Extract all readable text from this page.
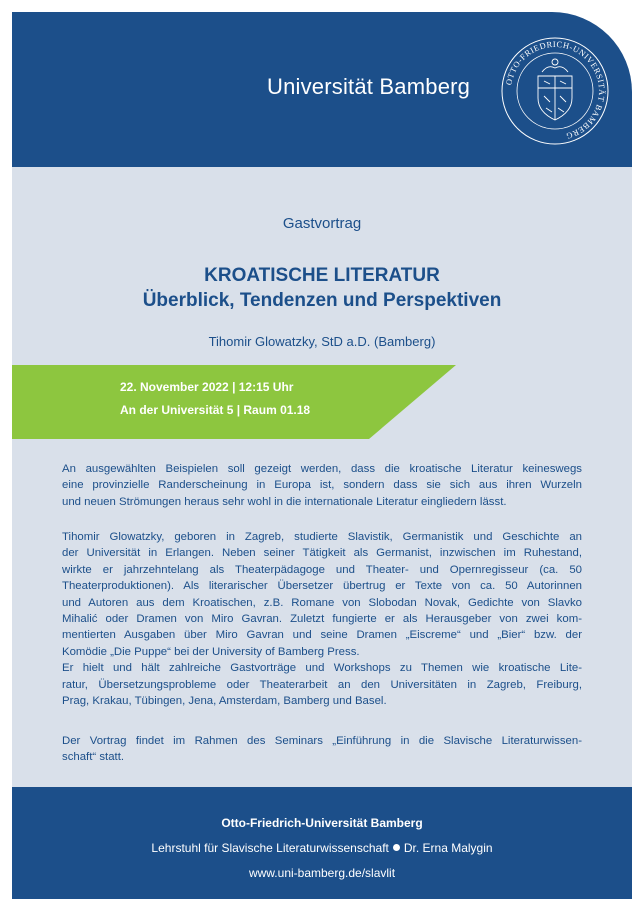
Universität Bamberg	OTTO-FRIEDRICH-UNIVERSITÄT BAMBERG
Gastvortrag
KROATISCHE LITERATUR
Überblick, Tendenzen und Perspektiven
Tihomir Glowatzky, StD a.D. (Bamberg)
22. November 2022 | 12:15 Uhr
An der Universität 5 | Raum 01.18
An ausgewählten Beispielen soll gezeigt werden, dass die kroatische Literatur keineswegs
eine provinzielle Randerscheinung in Europa ist, sondern dass sie sich aus ihren Wurzeln
und neuen Strömungen heraus sehr wohl in die internationale Literatur eingliedern lässt.
Tihomir Glowatzky, geboren in Zagreb, studierte Slavistik, Germanistik und Geschichte an
der Universität in Erlangen. Neben seiner Tätigkeit als Germanist, inzwischen im Ruhestand,
wirkte er jahrzehntelang als Theaterpädagoge und Theater- und Opernregisseur (ca. 50
Theaterproduktionen). Als literarischer Übersetzer übertrug er Texte von ca. 50 Autorinnen
und Autoren aus dem Kroatischen, z.B. Romane von Slobodan Novak, Gedichte von Slavko
Mihalić oder Dramen von Miro Gavran. Zuletzt fungierte er als Herausgeber von zwei kom-
mentierten Ausgaben über Miro Gavran und seine Dramen „Eiscreme“ und „Bier“ bzw. der
Komödie „Die Puppe“ bei der University of Bamberg Press.
Er hielt und hält zahlreiche Gastvorträge und Workshops zu Themen wie kroatische Lite-
ratur, Übersetzungsprobleme oder Theaterarbeit an den Universitäten in Zagreb, Freiburg,
Prag, Krakau, Tübingen, Jena, Amsterdam, Bamberg und Basel.
Der Vortrag findet im Rahmen des Seminars „Einführung in die Slavische Literaturwissen-
schaft“ statt.
Otto-Friedrich-Universität Bamberg
Lehrstuhl für Slavische Literaturwissenschaft Dr. Erna Malygin
www.uni-bamberg.de/slavlit
